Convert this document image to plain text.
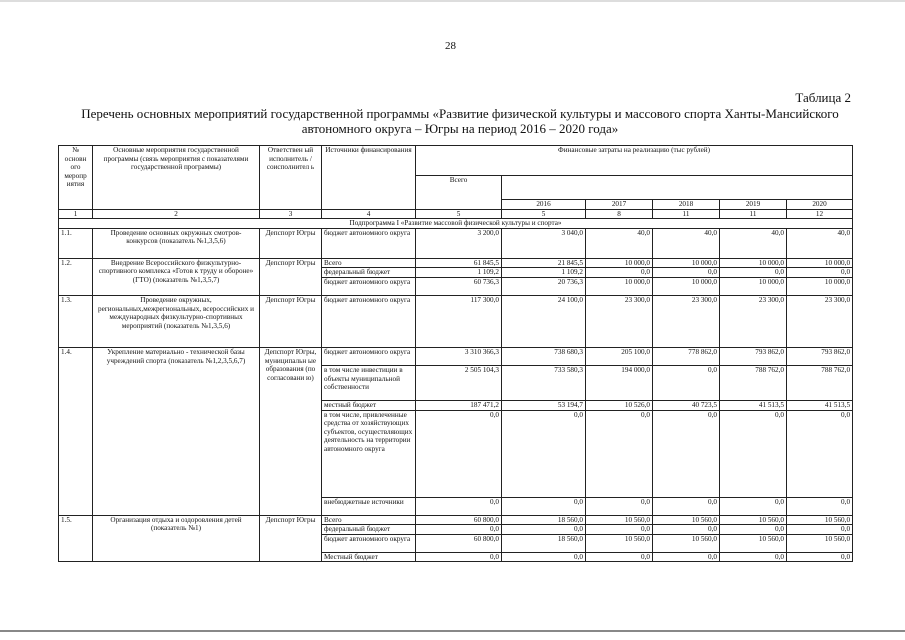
28
Таблица 2
Перечень основных мероприятий государственной программы «Развитие физической культуры и массового спорта Ханты-Мансийского
автономного округа – Югры на период 2016 – 2020 года»
№ основн ого меропр иятия	Основные мероприятия государственной программы (связь мероприятия с показателями государственной программы)	Ответствен ый исполнитель /соисполнител ь	Источники финансирования	Финансовые затраты на реализацию (тыс рублей)					
				Всего					
					2016	2017	2018	2019	2020
1	2	3	4	5	5	8	11	11	12
Подпрограмма I «Развитие массовой физической культуры и спорта»									
1.1.	Проведение основных окружных смотров-конкурсов (показатель №1,3,5,6)	Депспорт Югры	бюджет автономного округа	3 200,0	3 040,0	40,0	40,0	40,0	40,0
1.2.	Внедрение Всероссийского физкультурно-спортивного комплекса «Готов к труду и обороне» (ГТО) (показатель №1,3,5,7)	Депспорт Югры	Всего	61 845,5	21 845,5	10 000,0	10 000,0	10 000,0	10 000,0
			федеральный бюджет	1 109,2	1 109,2	0,0	0,0	0,0	0,0
			бюджет автономного округа	60 736,3	20 736,3	10 000,0	10 000,0	10 000,0	10 000,0
1.3.	Проведение окружных, региональных,межрегиональных, всероссийских и международных физкультурно-спортивных мероприятий (показатель №1,3,5,6)	Депспорт Югры	бюджет автономного округа	117 300,0	24 100,0	23 300,0	23 300,0	23 300,0	23 300,0
1.4.	Укрепление материально - технической базы учреждений спорта (показатель №1,2,3,5,6,7)	Депспорт Югры, муниципальн ые образования (по согласовани ю)	бюджет автономного округа	3 310 366,3	738 680,3	205 100,0	778 862,0	793 862,0	793 862,0
			в том числе инвестиции в объекты муниципальной собственности	2 505 104,3	733 580,3	194 000,0	0,0	788 762,0	788 762,0
			местный бюджет	187 471,2	53 194,7	10 526,0	40 723,5	41 513,5	41 513,5
			в том числе, привлеченные средства от хозяйствующих субъектов, осуществляющих деятельность на территории автономного округа	0,0	0,0	0,0	0,0	0,0	0,0
			внебюджетные источники	0,0	0,0	0,0	0,0	0,0	0,0
1.5.	Организация отдыха и оздоровления детей (показатель №1)	Депспорт Югры	Всего	60 800,0	18 560,0	10 560,0	10 560,0	10 560,0	10 560,0
			федеральный бюджет	0,0	0,0	0,0	0,0	0,0	0,0
			бюджет автономного округа	60 800,0	18 560,0	10 560,0	10 560,0	10 560,0	10 560,0
			Местный бюджет	0,0	0,0	0,0	0,0	0,0	0,0
